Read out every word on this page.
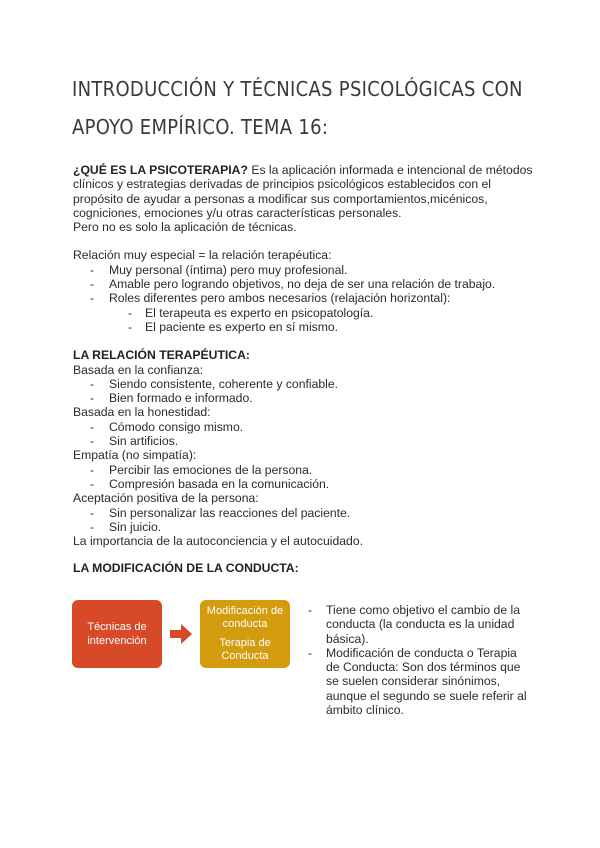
INTRODUCCIÓN Y TÉCNICAS PSICOLÓGICAS CON APOYO EMPÍRICO. TEMA 16:

¿QUÉ ES LA PSICOTERAPIA? Es la aplicación informada e intencional de métodos clínicos y estrategias derivadas de principios psicológicos establecidos con el propósito de ayudar a personas a modificar sus comportamientos,micénicos, cogniciones, emociones y/u otras características personales.

Pero no es solo la aplicación de técnicas.

Relación muy especial = la relación terapéutica:

- Muy personal (íntima) pero muy profesional.
- Amable pero logrando objetivos, no deja de ser una relación de trabajo.
- Roles diferentes pero ambos necesarios (relajación horizontal):
- El terapeuta es experto en psicopatología.
- El paciente es experto en sí mismo.

LA RELACIÓN TERAPÉUTICA:

Basada en la confianza:

- Siendo consistente, coherente y confiable.
- Bien formado e informado.

Basada en la honestidad:

- Cómodo consigo mismo.
- Sin artificios.

Empatía (no simpatía):

- Percibir las emociones de la persona.
- Compresión basada en la comunicación.

Aceptación positiva de la persona:

- Sin personalizar las reacciones del paciente.
- Sin juicio.

La importancia de la autoconciencia y el autocuidado.

LA MODIFICACIÓN DE LA CONDUCTA:

Técnicas de intervención
Modificación de conducta
Terapia de Conducta
- Tiene como objetivo el cambio de la conducta (la conducta es la unidad básica).
- Modificación de conducta o Terapia de Conducta: Son dos términos que se suelen considerar sinónimos, aunque el segundo se suele referir al ámbito clínico.
